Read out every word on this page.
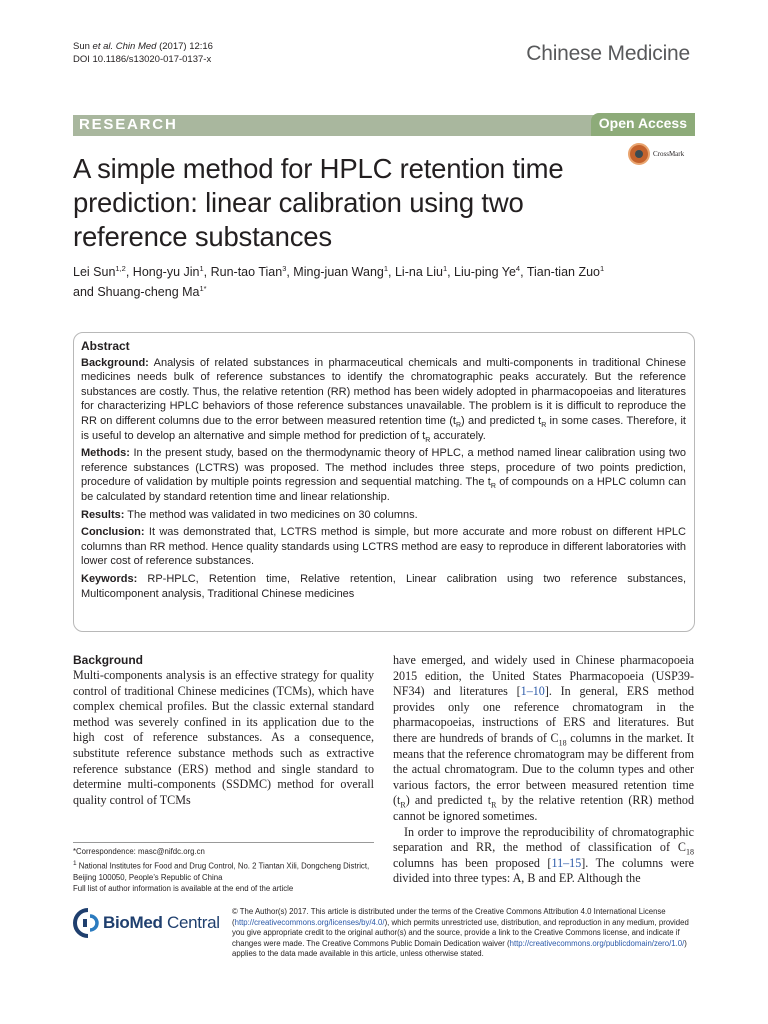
Sun et al. Chin Med (2017) 12:16
DOI 10.1186/s13020-017-0137-x	Chinese Medicine
RESEARCH	Open Access
CrossMark
A simple method for HPLC retention time prediction: linear calibration using two reference substances
Lei Sun$^{1,2}$, Hong-yu Jin$^1$, Run-tao Tian$^3$, Ming-juan Wang$^1$, Li-na Liu$^1$, Liu-ping Ye$^4$, Tian-tian Zuo$^1$
and Shuang-cheng $Ma^{1*}$
Abstract

Background: Analysis of related substances in pharmaceutical chemicals and multi-components in traditional Chinese medicines needs bulk of reference substances to identify the chromatographic peaks accurately. But the reference substances are costly. Thus, the relative retention (RR) method has been widely adopted in pharmacopoeias and literatures for characterizing HPLC behaviors of those reference substances unavailable. The problem is it is difficult to reproduce the RR on different columns due to the error between measured retention time $(t_R)$ and predicted $t_R$ in some cases. Therefore, it is useful to develop an alternative and simple method for prediction of $t_R$ accurately.

Methods: In the present study, based on the thermodynamic theory of HPLC, a method named linear calibration using two reference substances (LCTRS) was proposed. The method includes three steps, procedure of two points prediction, procedure of validation by multiple points regression and sequential matching. The $t_R$ of compounds on a HPLC column can be calculated by standard retention time and linear relationship.

Results: The method was validated in two medicines on 30 columns.

Conclusion: It was demonstrated that, LCTRS method is simple, but more accurate and more robust on different HPLC columns than RR method. Hence quality standards using LCTRS method are easy to reproduce in different laboratories with lower cost of reference substances.

Keywords: RP-HPLC, Retention time, Relative retention, Linear calibration using two reference substances, Multicomponent analysis, Traditional Chinese medicines

Background

Multi-components analysis is an effective strategy for quality control of traditional Chinese medicines (TCMs), which have complex chemical profiles. But the classic external standard method was severely confined in its application due to the high cost of reference substances. As a consequence, substitute reference substance methods such as extractive reference substance (ERS) method and single standard to determine multi-components (SSDMC) method for overall quality control of TCMs

have emerged, and widely used in Chinese pharmacopoeia 2015 edition, the United States Pharmacopoeia (USP39-NF34) and literatures [1–10]. In general, ERS method provides only one reference chromatogram in the pharmacopoeias, instructions of ERS and literatures. But there are hundreds of brands of $C_{18}$ columns in the market. It means that the reference chromatogram may be different from the actual chromatogram. Due to the column types and other various factors, the error between measured retention time $(t_R)$ and predicted $t_R$ by the relative retention (RR) method cannot be ignored sometimes.

In order to improve the reproducibility of chromatographic separation and RR, the method of classification of $C_{18}$ columns has been proposed [11–15]. The columns were divided into three types: A, B and EP. Although the

*Correspondence: masc@nifdc.org.cn
$^1$ National Institutes for Food and Drug Control, No. 2 Tiantan Xili, Dongcheng District, Beijing 100050, People’s Republic of China
Full list of author information is available at the end of the article
BioMed Central
© The Author(s) 2017. This article is distributed under the terms of the Creative Commons Attribution 4.0 International License (http://creativecommons.org/licenses/by/4.0/), which permits unrestricted use, distribution, and reproduction in any medium, provided you give appropriate credit to the original author(s) and the source, provide a link to the Creative Commons license, and indicate if changes were made. The Creative Commons Public Domain Dedication waiver (http://creativecommons.org/publicdomain/zero/1.0/) applies to the data made available in this article, unless otherwise stated.
